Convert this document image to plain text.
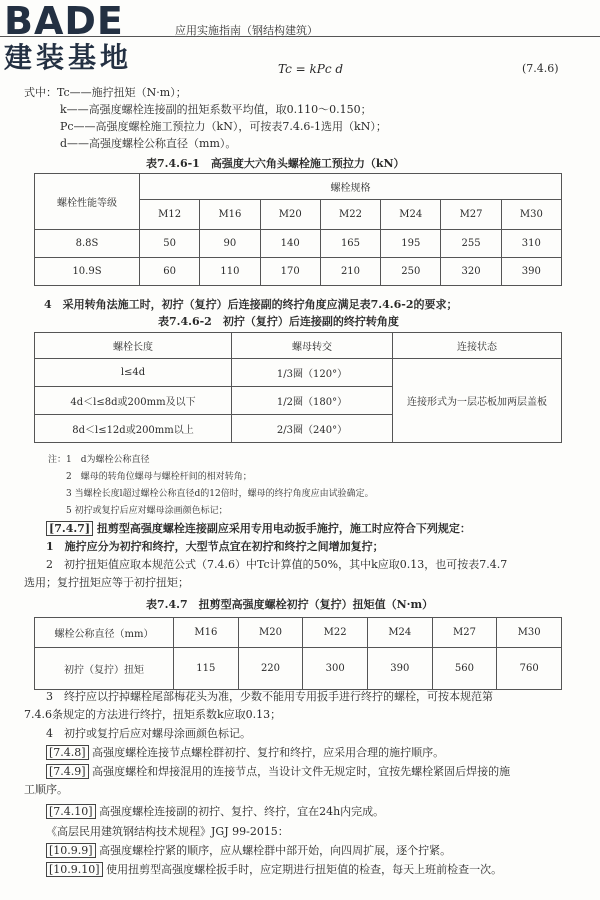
BADE
建装基地
应用实施指南（钢结构建筑）
Tc = kPc d	(7.4.6)
式中：Tc——施拧扭矩（N·m）；
k——高强度螺栓连接副的扭矩系数平均值，取0.110～0.150；
Pc——高强度螺栓施工预拉力（kN），可按表7.4.6-1选用（kN）；
d——高强度螺栓公称直径（mm）。
表7.4.6-1　高强度大六角头螺栓施工预拉力（kN）
螺栓性能等级	螺栓规格						
	M12	M16	M20	M22	M24	M27	M30
8.8S	50	90	140	165	195	255	310
10.9S	60	110	170	210	250	320	390
4　采用转角法施工时，初拧（复拧）后连接副的终拧角度应满足表7.4.6-2的要求；
表7.4.6-2　初拧（复拧）后连接副的终拧转角度
螺栓长度	螺母转交	连接状态
l≤4d	1/3圈（120°）	连接形式为一层芯板加两层盖板
4d＜l≤8d或200mm及以下	1/2圈（180°）	
8d＜l≤12d或200mm以上	2/3圈（240°）	
注：1　d为螺栓公称直径
2　螺母的转角位螺母与螺栓杆间的相对转角；
3 当螺栓长度l超过螺栓公称直径d的12倍时，螺母的终拧角度应由试验确定。
5 初拧或复拧后应对螺母涂画颜色标记；
[7.4.7] 扭剪型高强度螺栓连接副应采用专用电动扳手施拧，施工时应符合下列规定：
1　施拧应分为初拧和终拧，大型节点宜在初拧和终拧之间增加复拧；
2　初拧扭矩值应取本规范公式（7.4.6）中Tc计算值的50%，其中k应取0.13，也可按表7.4.7
选用；复拧扭矩应等于初拧扭矩；
表7.4.7　扭剪型高强度螺栓初拧（复拧）扭矩值（N·m）
螺栓公称直径（mm）	M16	M20	M22	M24	M27	M30
初拧（复拧）扭矩	115	220	300	390	560	760
3　终拧应以拧掉螺栓尾部梅花头为准，少数不能用专用扳手进行终拧的螺栓，可按本规范第
7.4.6条规定的方法进行终拧，扭矩系数k应取0.13；
4　初拧或复拧后应对螺母涂画颜色标记。
[7.4.8] 高强度螺栓连接节点螺栓群初拧、复拧和终拧，应采用合理的施拧顺序。
[7.4.9] 高强度螺栓和焊接混用的连接节点，当设计文件无规定时，宜按先螺栓紧固后焊接的施
工顺序。
[7.4.10] 高强度螺栓连接副的初拧、复拧、终拧，宜在24h内完成。
《高层民用建筑钢结构技术规程》JGJ 99-2015：
[10.9.9] 高强度螺栓拧紧的顺序，应从螺栓群中部开始，向四周扩展，逐个拧紧。
[10.9.10] 使用扭剪型高强度螺栓扳手时，应定期进行扭矩值的检查，每天上班前检查一次。
